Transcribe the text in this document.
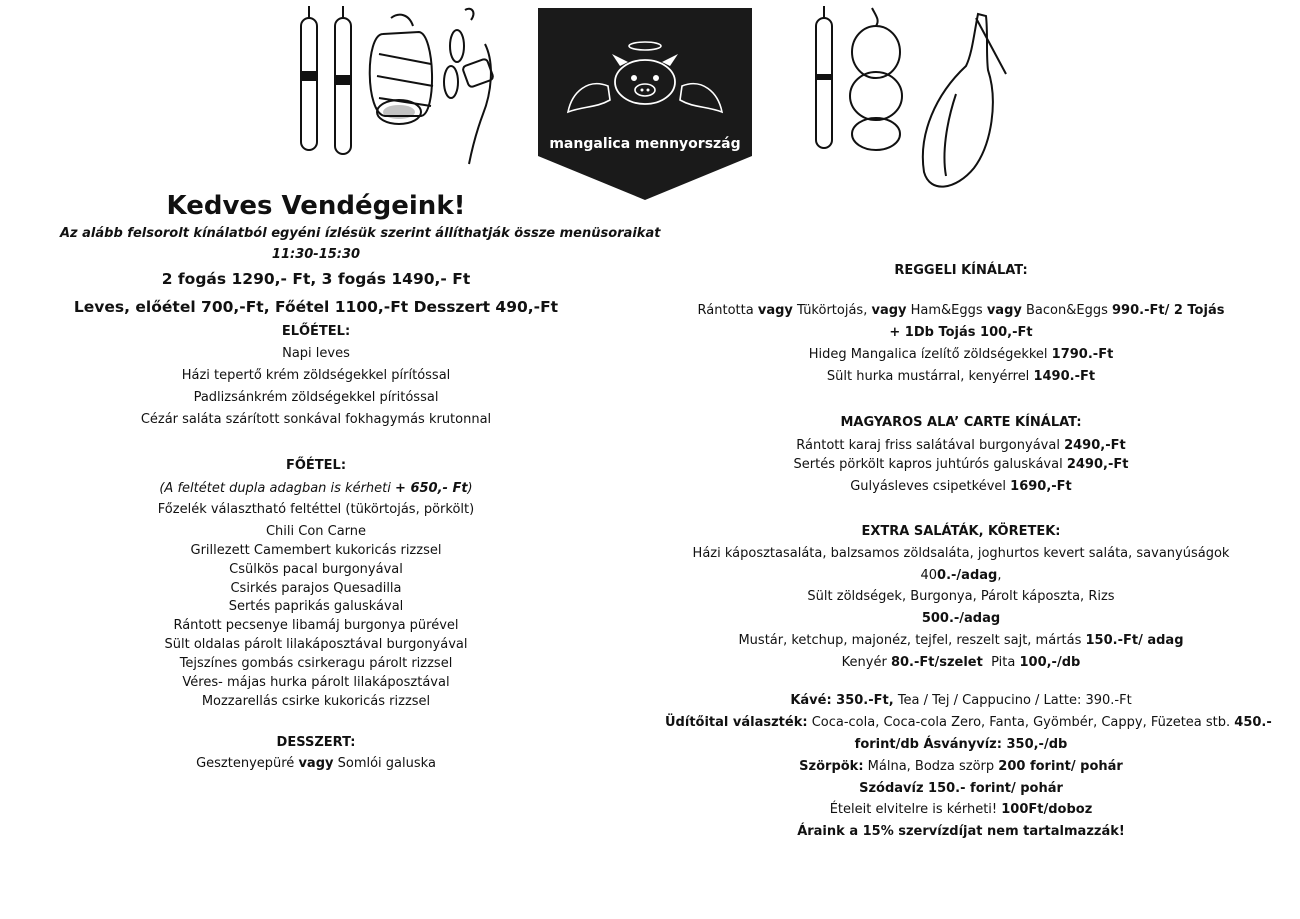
mangalica mennyország
Kedves Vendégeink!
Az alább felsorolt kínálatból egyéni ízlésük szerint állíthatják össze menüsoraikat
11:30-15:30
2 fogás 1290,- Ft, 3 fogás 1490,- Ft
Leves, előétel 700,-Ft, Főétel 1100,-Ft Desszert 490,-Ft
ELŐÉTEL:
Napi leves
Házi tepertő krém zöldségekkel pírítóssal
Padlizsánkrém zöldségekkel píritóssal
Cézár saláta szárított sonkával fokhagymás krutonnal
FŐÉTEL:
(A feltétet dupla adagban is kérheti + 650,- Ft)
Főzelék választható feltéttel (tükörtojás, pörkölt)
Chili Con Carne
Grillezett Camembert kukoricás rizzsel
Csülkös pacal burgonyával
Csirkés parajos Quesadilla
Sertés paprikás galuskával
Rántott pecsenye libamáj burgonya pürével
Sült oldalas párolt lilakáposztával burgonyával
Tejszínes gombás csirkeragu párolt rizzsel
Véres- májas hurka párolt lilakáposztával
Mozzarellás csirke kukoricás rizzsel
DESSZERT:
Gesztenyepüré vagy Somlói galuska
REGGELI KÍNÁLAT:
Rántotta vagy Tükörtojás, vagy Ham&Eggs vagy Bacon&Eggs 990.-Ft/ 2 Tojás
+ 1Db Tojás 100,-Ft
Hideg Mangalica ízelítő zöldségekkel 1790.-Ft
Sült hurka mustárral, kenyérrel 1490.-Ft
MAGYAROS ALA’ CARTE KÍNÁLAT:
Rántott karaj friss salátával burgonyával 2490,-Ft
Sertés pörkölt kapros juhtúrós galuskával 2490,-Ft
Gulyásleves csipetkével 1690,-Ft
EXTRA SALÁTÁK, KÖRETEK:
Házi káposztasaláta, balzsamos zöldsaláta, joghurtos kevert saláta, savanyúságok
400.-/adag,
Sült zöldségek, Burgonya, Párolt káposzta, Rizs
500.-/adag
Mustár, ketchup, majonéz, tejfel, reszelt sajt, mártás 150.-Ft/ adag
Kenyér 80.-Ft/szelet Pita 100,-/db
Kávé: 350.-Ft, Tea / Tej / Cappucino / Latte: 390.-Ft
Üdítőital választék: Coca-cola, Coca-cola Zero, Fanta, Gyömbér, Cappy, Füzetea stb. 450.-
forint/db Ásványvíz: 350,-/db
Szörpök: Málna, Bodza szörp 200 forint/ pohár
Szódavíz 150.- forint/ pohár
Ételeit elvitelre is kérheti! 100Ft/doboz
Áraink a 15% szervízdíjat nem tartalmazzák!
